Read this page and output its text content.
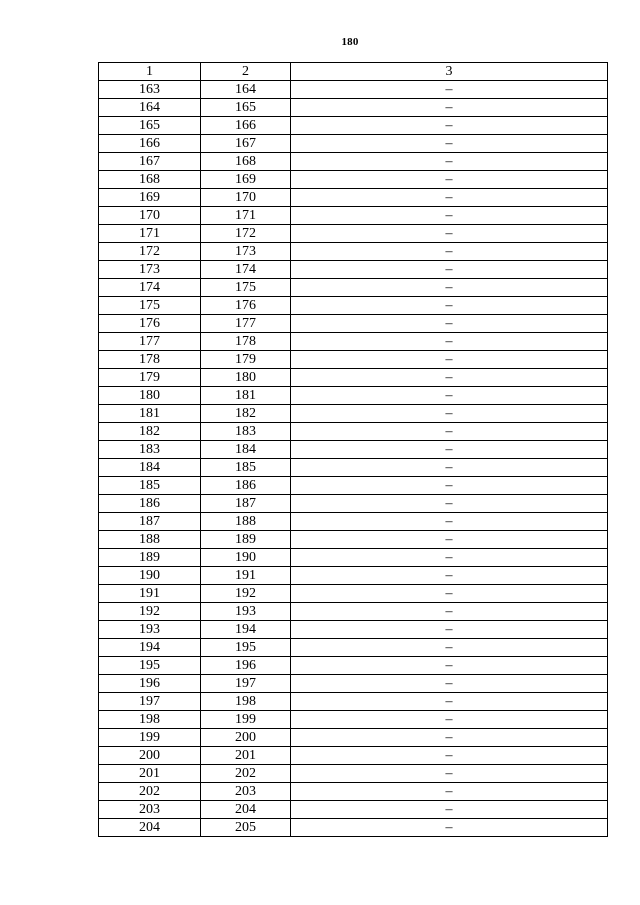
180
1	2	3
163	164	–
164	165	–
165	166	–
166	167	–
167	168	–
168	169	–
169	170	–
170	171	–
171	172	–
172	173	–
173	174	–
174	175	–
175	176	–
176	177	–
177	178	–
178	179	–
179	180	–
180	181	–
181	182	–
182	183	–
183	184	–
184	185	–
185	186	–
186	187	–
187	188	–
188	189	–
189	190	–
190	191	–
191	192	–
192	193	–
193	194	–
194	195	–
195	196	–
196	197	–
197	198	–
198	199	–
199	200	–
200	201	–
201	202	–
202	203	–
203	204	–
204	205	–
